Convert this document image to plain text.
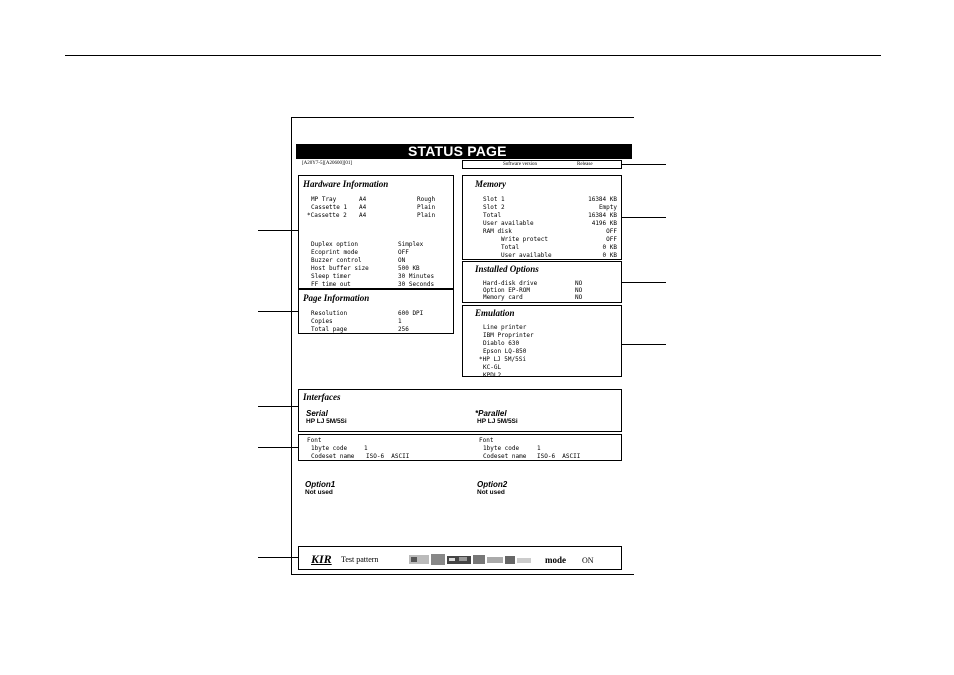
STATUS PAGE
[A20Y7-5][A20600][01]	Software version	Release
Hardware Information
MP Tray	A4	Rough
Cassette 1 A4	Plain
*Cassette 2 A4	Plain
Duplex option	Simplex
Ecoprint mode	OFF
Buzzer control	ON
Host buffer size	500 KB
Sleep timer	30 Minutes
FF time out	30 Seconds
Page Information
Resolution	600 DPI
Copies	1
Total page	256
Memory
Slot 1	16384 KB
Slot 2	Empty
Total	16384 KB
User available	4196 KB
RAM disk	OFF
Write protect	OFF
Total	0 KB
User available	0 KB
Installed Options
Hard-disk drive	NO
Option EP-ROM	NO
Memory card	NO
Emulation
Line printer
IBM Proprinter
Diablo 630
Epson LQ-850
*HP LJ 5M/5Si
KC-GL
KPDL2
Interfaces
Serial
HP LJ 5M/5Si
*Parallel
HP LJ 5M/5Si
Font
1byte code	1
Codeset name ISO-6  ASCII
Font
1byte code	1
Codeset name ISO-6  ASCII
Option1
Not used
Option2
Not used
KIR Test pattern	mode ON
